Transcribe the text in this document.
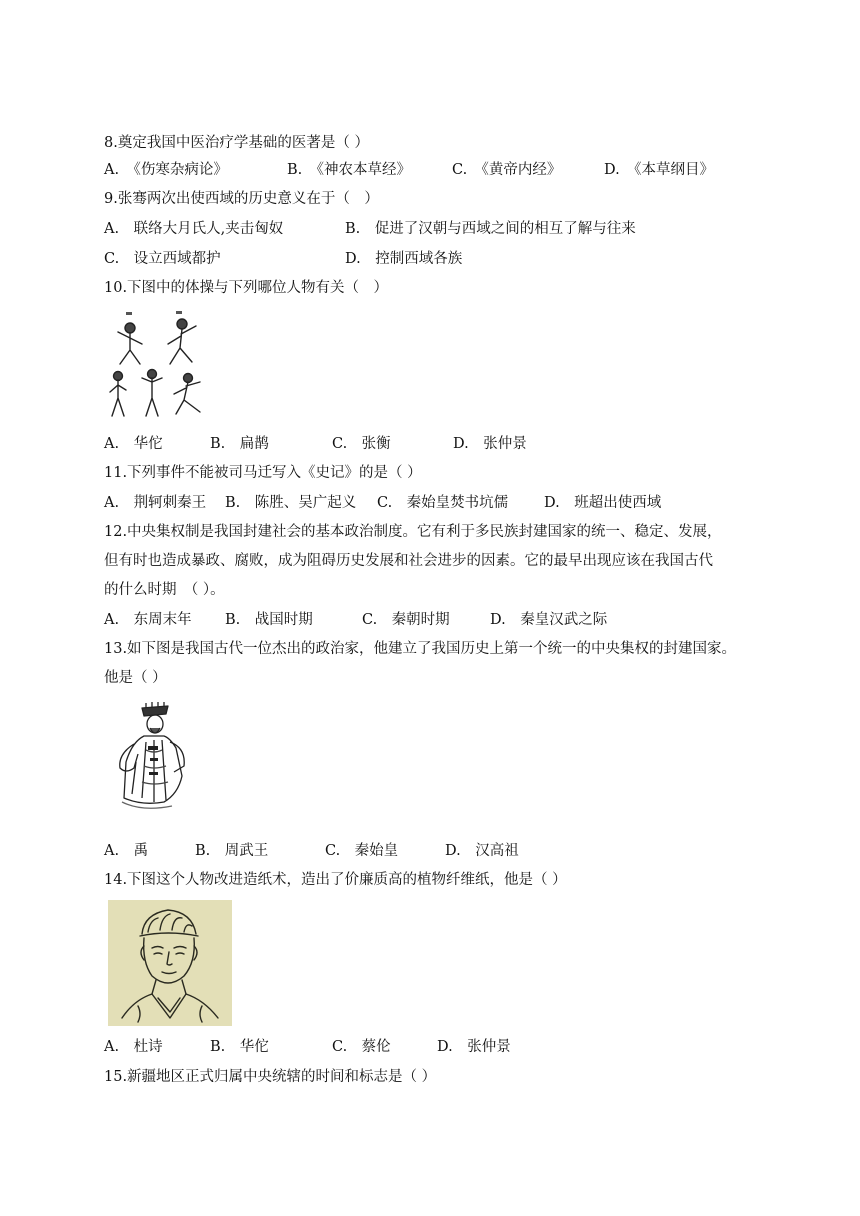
8.奠定我国中医治疗学基础的医著是（ ）
A.　《伤寒杂病论》	B.　《神农本草经》	C.　《黄帝内经》	D.　《本草纲目》
9.张骞两次出使西域的历史意义在于（　）
A.　联络大月氏人,夹击匈奴	B.　促进了汉朝与西域之间的相互了解与往来
C.　设立西域都护	D.　控制西域各族
10.下图中的体操与下列哪位人物有关（　）
A.　华佗	B.　扁鹊	C.　张衡	D.　张仲景
11.下列事件不能被司马迁写入《史记》的是（ ）
A.　荆轲刺秦王 B.　陈胜、吴广起义 C.　秦始皇焚书坑儒 D.　班超出使西域
12.中央集权制是我国封建社会的基本政治制度。它有利于多民族封建国家的统一、稳定、发展，
但有时也造成暴政、腐败，成为阻碍历史发展和社会进步的因素。它的最早出现应该在我国古代
的什么时期　（ ）。
A.　东周末年 B.　战国时期	C.　秦朝时期	D.　秦皇汉武之际
13.如下图是我国古代一位杰出的政治家，他建立了我国历史上第一个统一的中央集权的封建国家。
他是（ ）
A.　禹	B.　周武王	C.　秦始皇	D.　汉高祖
14.下图这个人物改进造纸术，造出了价廉质高的植物纤维纸，他是（ ）
A.　杜诗	B.　华佗	C.　蔡伦	D.　张仲景
15.新疆地区正式归属中央统辖的时间和标志是（ ）
